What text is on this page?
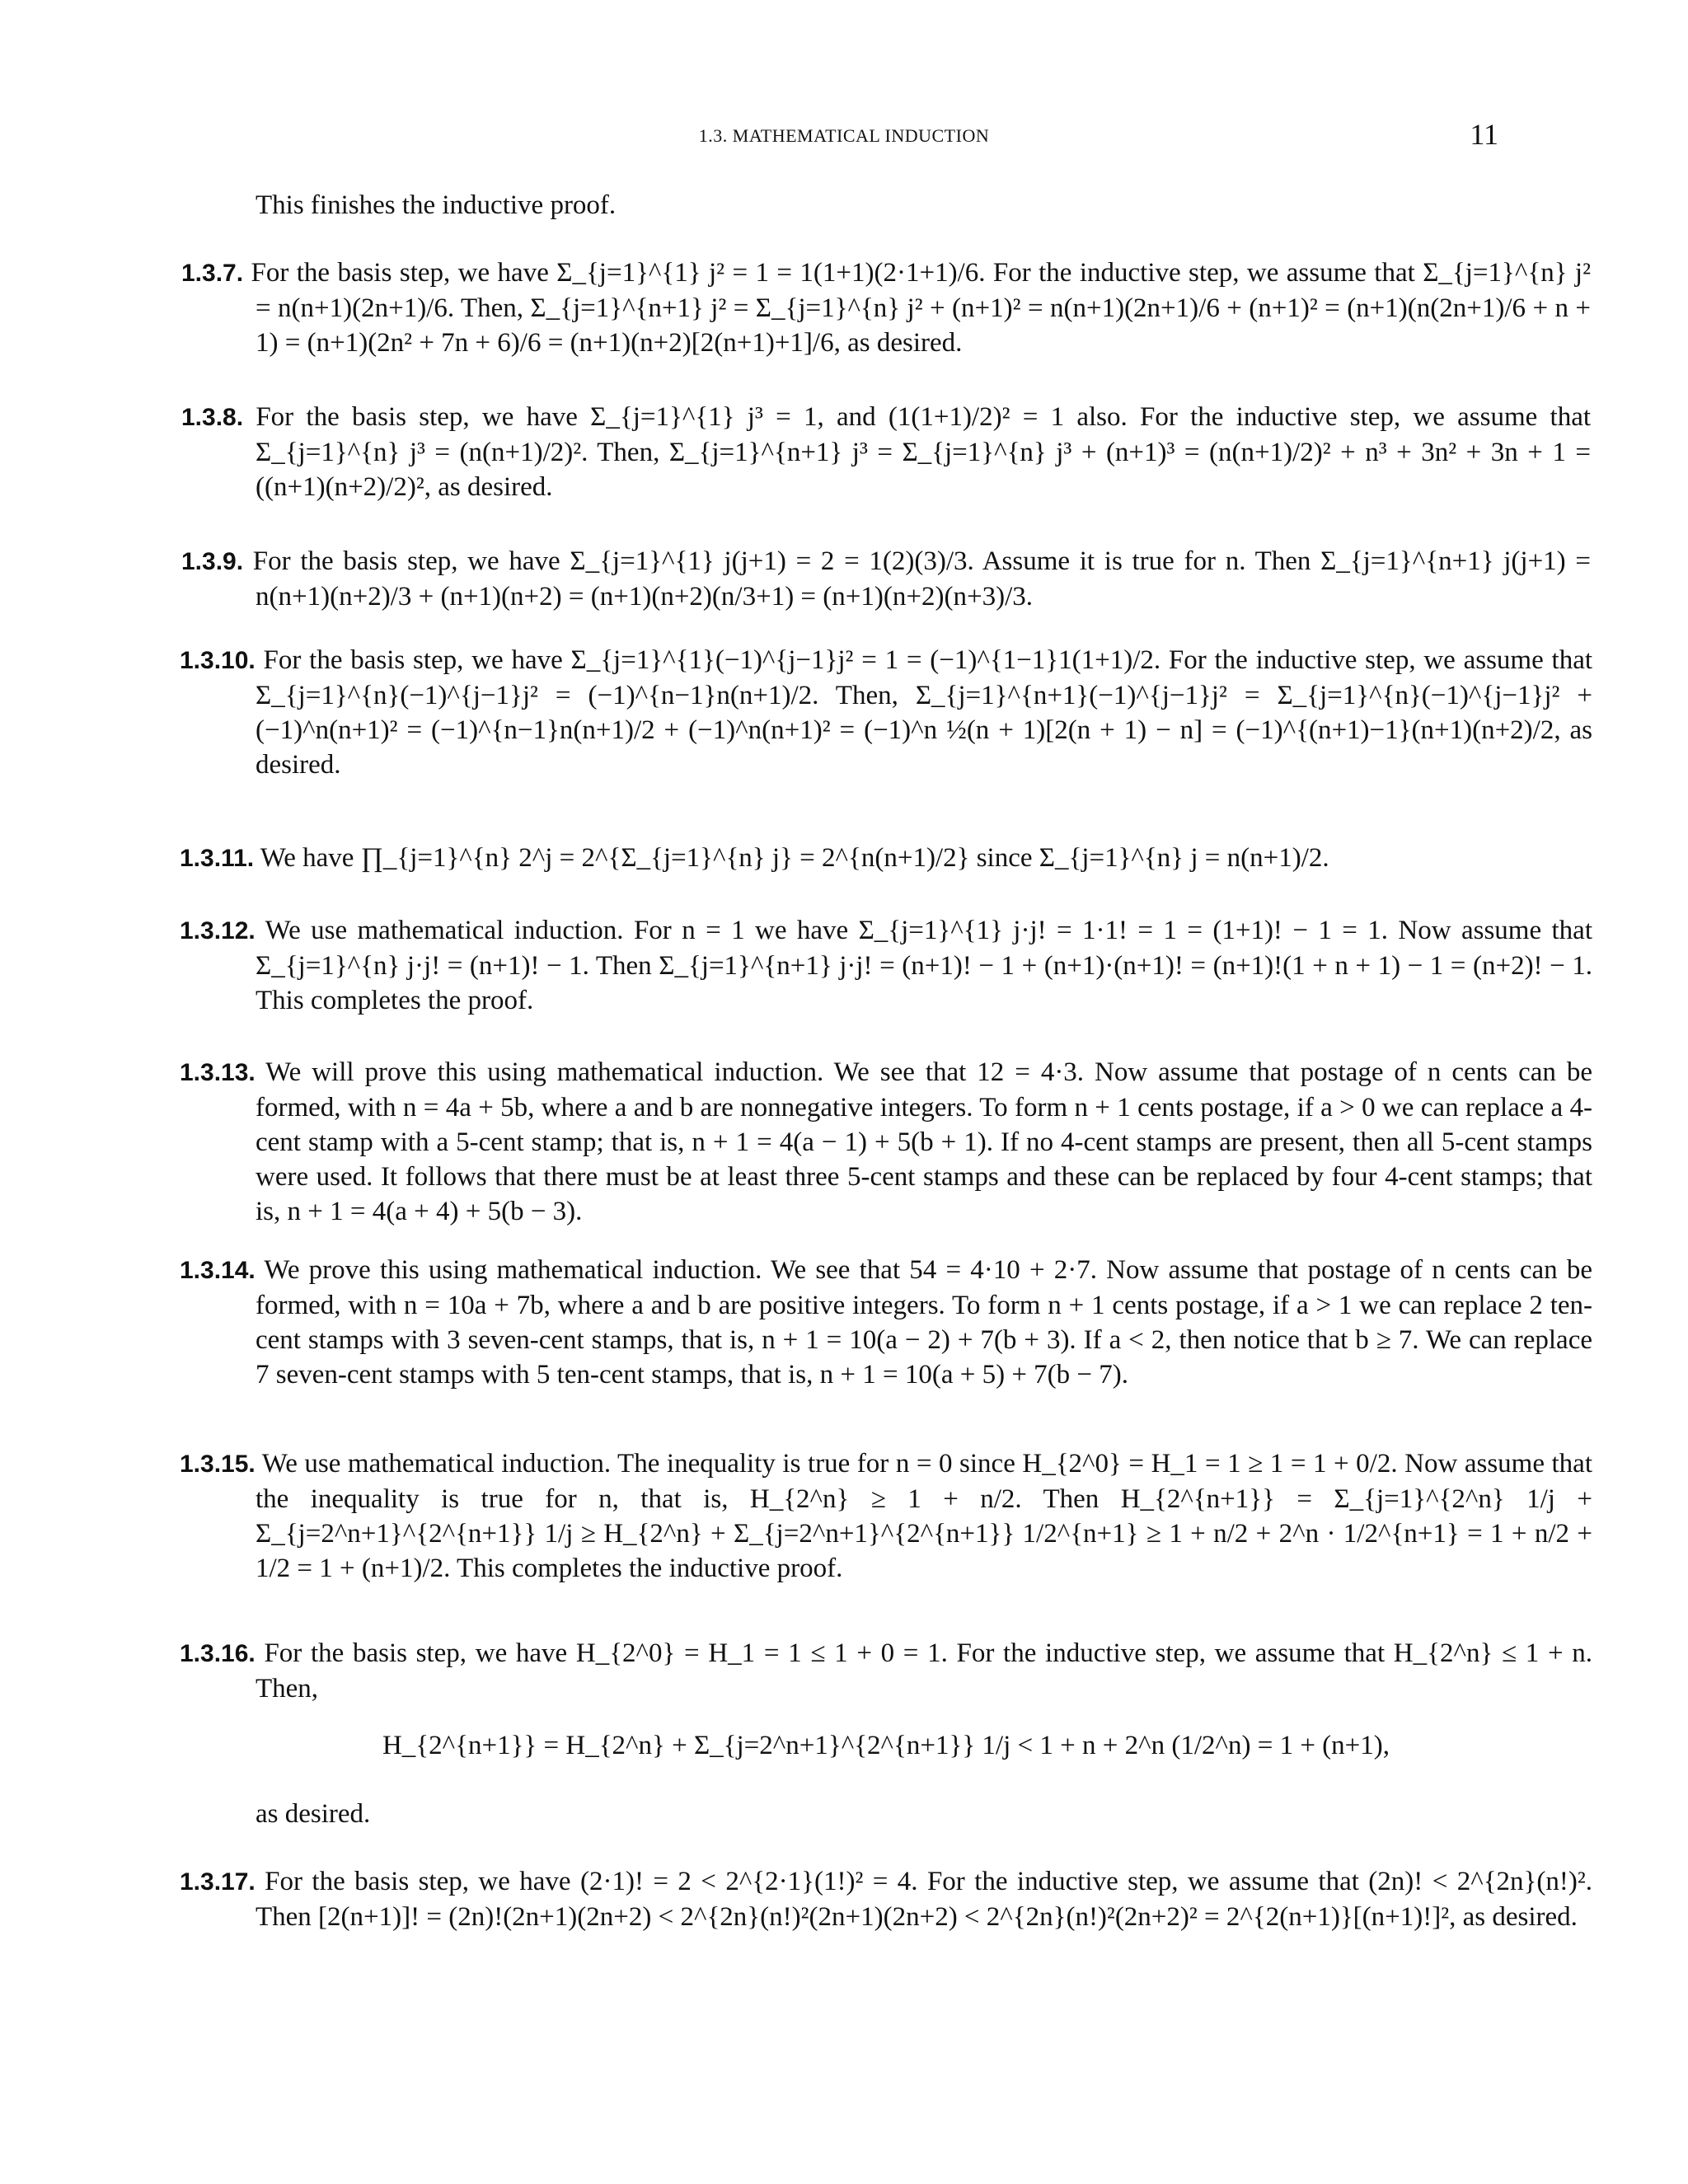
1.3. MATHEMATICAL INDUCTION	11
This finishes the inductive proof.
1.3.7. For the basis step, we have Σ_{j=1}^{1} j² = 1 = 1(1+1)(2·1+1)/6. For the inductive step, we assume that Σ_{j=1}^{n} j² = n(n+1)(2n+1)/6. Then, Σ_{j=1}^{n+1} j² = Σ_{j=1}^{n} j² + (n+1)² = n(n+1)(2n+1)/6 + (n+1)² = (n+1)(n(2n+1)/6 + n + 1) = (n+1)(2n² + 7n + 6)/6 = (n+1)(n+2)[2(n+1)+1]/6, as desired.
1.3.8. For the basis step, we have Σ_{j=1}^{1} j³ = 1, and (1(1+1)/2)² = 1 also. For the inductive step, we assume that Σ_{j=1}^{n} j³ = (n(n+1)/2)². Then, Σ_{j=1}^{n+1} j³ = Σ_{j=1}^{n} j³ + (n+1)³ = (n(n+1)/2)² + n³ + 3n² + 3n + 1 = ((n+1)(n+2)/2)², as desired.
1.3.9. For the basis step, we have Σ_{j=1}^{1} j(j+1) = 2 = 1(2)(3)/3. Assume it is true for n. Then Σ_{j=1}^{n+1} j(j+1) = n(n+1)(n+2)/3 + (n+1)(n+2) = (n+1)(n+2)(n/3+1) = (n+1)(n+2)(n+3)/3.
1.3.10. For the basis step, we have Σ_{j=1}^{1}(−1)^{j−1}j² = 1 = (−1)^{1−1}1(1+1)/2. For the inductive step, we assume that Σ_{j=1}^{n}(−1)^{j−1}j² = (−1)^{n−1}n(n+1)/2. Then, Σ_{j=1}^{n+1}(−1)^{j−1}j² = Σ_{j=1}^{n}(−1)^{j−1}j² + (−1)^n(n+1)² = (−1)^{n−1}n(n+1)/2 + (−1)^n(n+1)² = (−1)^n ½(n + 1)[2(n + 1) − n] = (−1)^{(n+1)−1}(n+1)(n+2)/2, as desired.
1.3.11. We have ∏_{j=1}^{n} 2^j = 2^{Σ_{j=1}^{n} j} = 2^{n(n+1)/2} since Σ_{j=1}^{n} j = n(n+1)/2.
1.3.12. We use mathematical induction. For n = 1 we have Σ_{j=1}^{1} j·j! = 1·1! = 1 = (1+1)! − 1 = 1. Now assume that Σ_{j=1}^{n} j·j! = (n+1)! − 1. Then Σ_{j=1}^{n+1} j·j! = (n+1)! − 1 + (n+1)·(n+1)! = (n+1)!(1 + n + 1) − 1 = (n+2)! − 1. This completes the proof.
1.3.13. We will prove this using mathematical induction. We see that 12 = 4·3. Now assume that postage of n cents can be formed, with n = 4a + 5b, where a and b are nonnegative integers. To form n + 1 cents postage, if a > 0 we can replace a 4-cent stamp with a 5-cent stamp; that is, n + 1 = 4(a − 1) + 5(b + 1). If no 4-cent stamps are present, then all 5-cent stamps were used. It follows that there must be at least three 5-cent stamps and these can be replaced by four 4-cent stamps; that is, n + 1 = 4(a + 4) + 5(b − 3).
1.3.14. We prove this using mathematical induction. We see that 54 = 4·10 + 2·7. Now assume that postage of n cents can be formed, with n = 10a + 7b, where a and b are positive integers. To form n + 1 cents postage, if a > 1 we can replace 2 ten-cent stamps with 3 seven-cent stamps, that is, n + 1 = 10(a − 2) + 7(b + 3). If a < 2, then notice that b ≥ 7. We can replace 7 seven-cent stamps with 5 ten-cent stamps, that is, n + 1 = 10(a + 5) + 7(b − 7).
1.3.15. We use mathematical induction. The inequality is true for n = 0 since H_{2^0} = H_1 = 1 ≥ 1 = 1 + 0/2. Now assume that the inequality is true for n, that is, H_{2^n} ≥ 1 + n/2. Then H_{2^{n+1}} = Σ_{j=1}^{2^n} 1/j + Σ_{j=2^n+1}^{2^{n+1}} 1/j ≥ H_{2^n} + Σ_{j=2^n+1}^{2^{n+1}} 1/2^{n+1} ≥ 1 + n/2 + 2^n · 1/2^{n+1} = 1 + n/2 + 1/2 = 1 + (n+1)/2. This completes the inductive proof.
1.3.16. For the basis step, we have H_{2^0} = H_1 = 1 ≤ 1 + 0 = 1. For the inductive step, we assume that H_{2^n} ≤ 1 + n. Then,
H_{2^{n+1}} = H_{2^n} + Σ_{j=2^n+1}^{2^{n+1}} 1/j < 1 + n + 2^n (1/2^n) = 1 + (n+1),
as desired.
1.3.17. For the basis step, we have (2·1)! = 2 < 2^{2·1}(1!)² = 4. For the inductive step, we assume that (2n)! < 2^{2n}(n!)². Then [2(n+1)]! = (2n)!(2n+1)(2n+2) < 2^{2n}(n!)²(2n+1)(2n+2) < 2^{2n}(n!)²(2n+2)² = 2^{2(n+1)}[(n+1)!]², as desired.
